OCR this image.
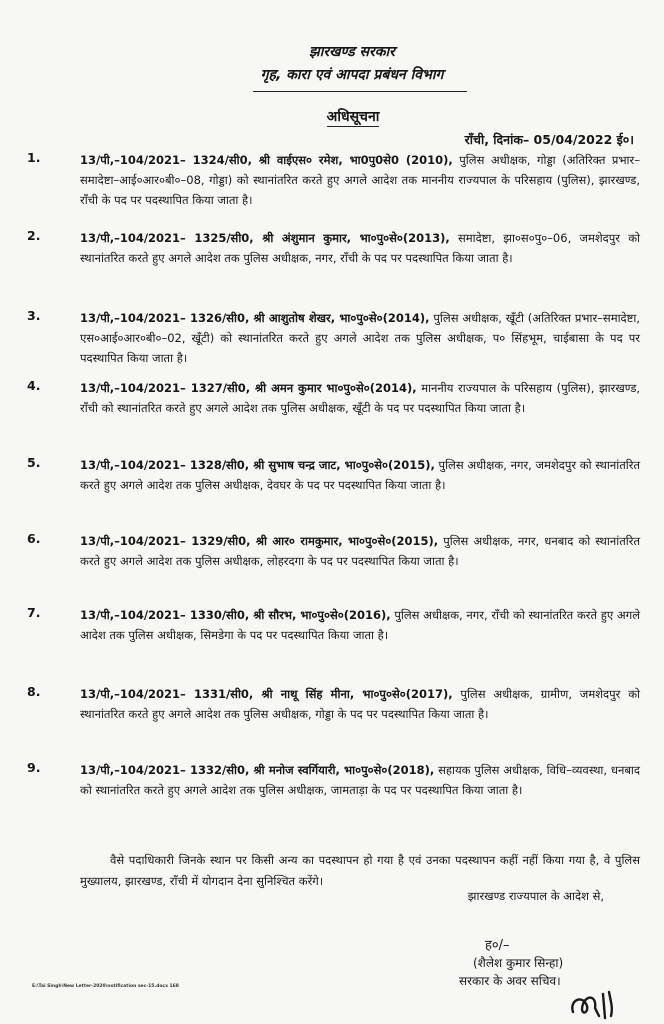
झारखण्ड सरकार
गृह, कारा एवं आपदा प्रबंधन विभाग
अधिसूचना
राँची, दिनांक– 05/04/2022 ई०।
1.	13/पी,–104/2021– 1324/सी0, श्री वाईएस० रमेश, भा0पु0से0 (2010), पुलिस अधीक्षक, गोड्डा (अतिरिक्त प्रभार– समादेष्टा–आई०आर०बी०–08, गोड्डा) को स्थानांतरित करते हुए अगले आदेश तक माननीय राज्यपाल के परिसहाय (पुलिस), झारखण्ड, राँची के पद पर पदस्थापित किया जाता है।
2.	13/पी,–104/2021– 1325/सी0, श्री अंशुमान कुमार, भा०पु०से०(2013), समादेष्टा, झा०स०पु०–06, जमशेदपुर को स्थानांतरित करते हुए अगले आदेश तक पुलिस अधीक्षक, नगर, राँची के पद पर पदस्थापित किया जाता है।
3.	13/पी,–104/2021– 1326/सी0, श्री आशुतोष शेखर, भा०पु०से०(2014), पुलिस अधीक्षक, खूँटी (अतिरिक्त प्रभार–समादेष्टा, एस०आई०आर०बी०–02, खूँटी) को स्थानांतरित करते हुए अगले आदेश तक पुलिस अधीक्षक, प० सिंहभूम, चाईबासा के पद पर पदस्थापित किया जाता है।
4.	13/पी,–104/2021– 1327/सी0, श्री अमन कुमार भा०पु०से०(2014), माननीय राज्यपाल के परिसहाय (पुलिस), झारखण्ड, राँची को स्थानांतरित करते हुए अगले आदेश तक पुलिस अधीक्षक, खूँटी के पद पर पदस्थापित किया जाता है।
5.	13/पी,–104/2021– 1328/सी0, श्री सुभाष चन्द्र जाट, भा०पु०से०(2015), पुलिस अधीक्षक, नगर, जमशेदपुर को स्थानांतरित करते हुए अगले आदेश तक पुलिस अधीक्षक, देवघर के पद पर पदस्थापित किया जाता है।
6.	13/पी,–104/2021– 1329/सी0, श्री आर० रामकुमार, भा०पु०से०(2015), पुलिस अधीक्षक, नगर, धनबाद को स्थानांतरित करते हुए अगले आदेश तक पुलिस अधीक्षक, लोहरदगा के पद पर पदस्थापित किया जाता है।
7.	13/पी,–104/2021– 1330/सी0, श्री सौरभ, भा०पु०से०(2016), पुलिस अधीक्षक, नगर, राँची को स्थानांतरित करते हुए अगले आदेश तक पुलिस अधीक्षक, सिमडेगा के पद पर पदस्थापित किया जाता है।
8.	13/पी,–104/2021– 1331/सी0, श्री नाथू सिंह मीना, भा०पु०से०(2017), पुलिस अधीक्षक, ग्रामीण, जमशेदपुर को स्थानांतरित करते हुए अगले आदेश तक पुलिस अधीक्षक, गोड्डा के पद पर पदस्थापित किया जाता है।
9.	13/पी,–104/2021– 1332/सी0, श्री मनोज स्वर्गियारी, भा०पु०से०(2018), सहायक पुलिस अधीक्षक, विधि–व्यवस्था, धनबाद को स्थानांतरित करते हुए अगले आदेश तक पुलिस अधीक्षक, जामताड़ा के पद पर पदस्थापित किया जाता है।
वैसे पदाधिकारी जिनके स्थान पर किसी अन्य का पदस्थापन हो गया है एवं उनका पदस्थापन कहीं नहीं किया गया है, वे पुलिस मुख्यालय, झारखण्ड, राँची में योगदान देना सुनिश्चित करेंगे।
झारखण्ड राज्यपाल के आदेश से,
ह०/–
(शैलेश कुमार सिन्हा)
सरकार के अवर सचिव।
E:\Tai Singh\New Letter-2020\notification sec-15.docx 168
